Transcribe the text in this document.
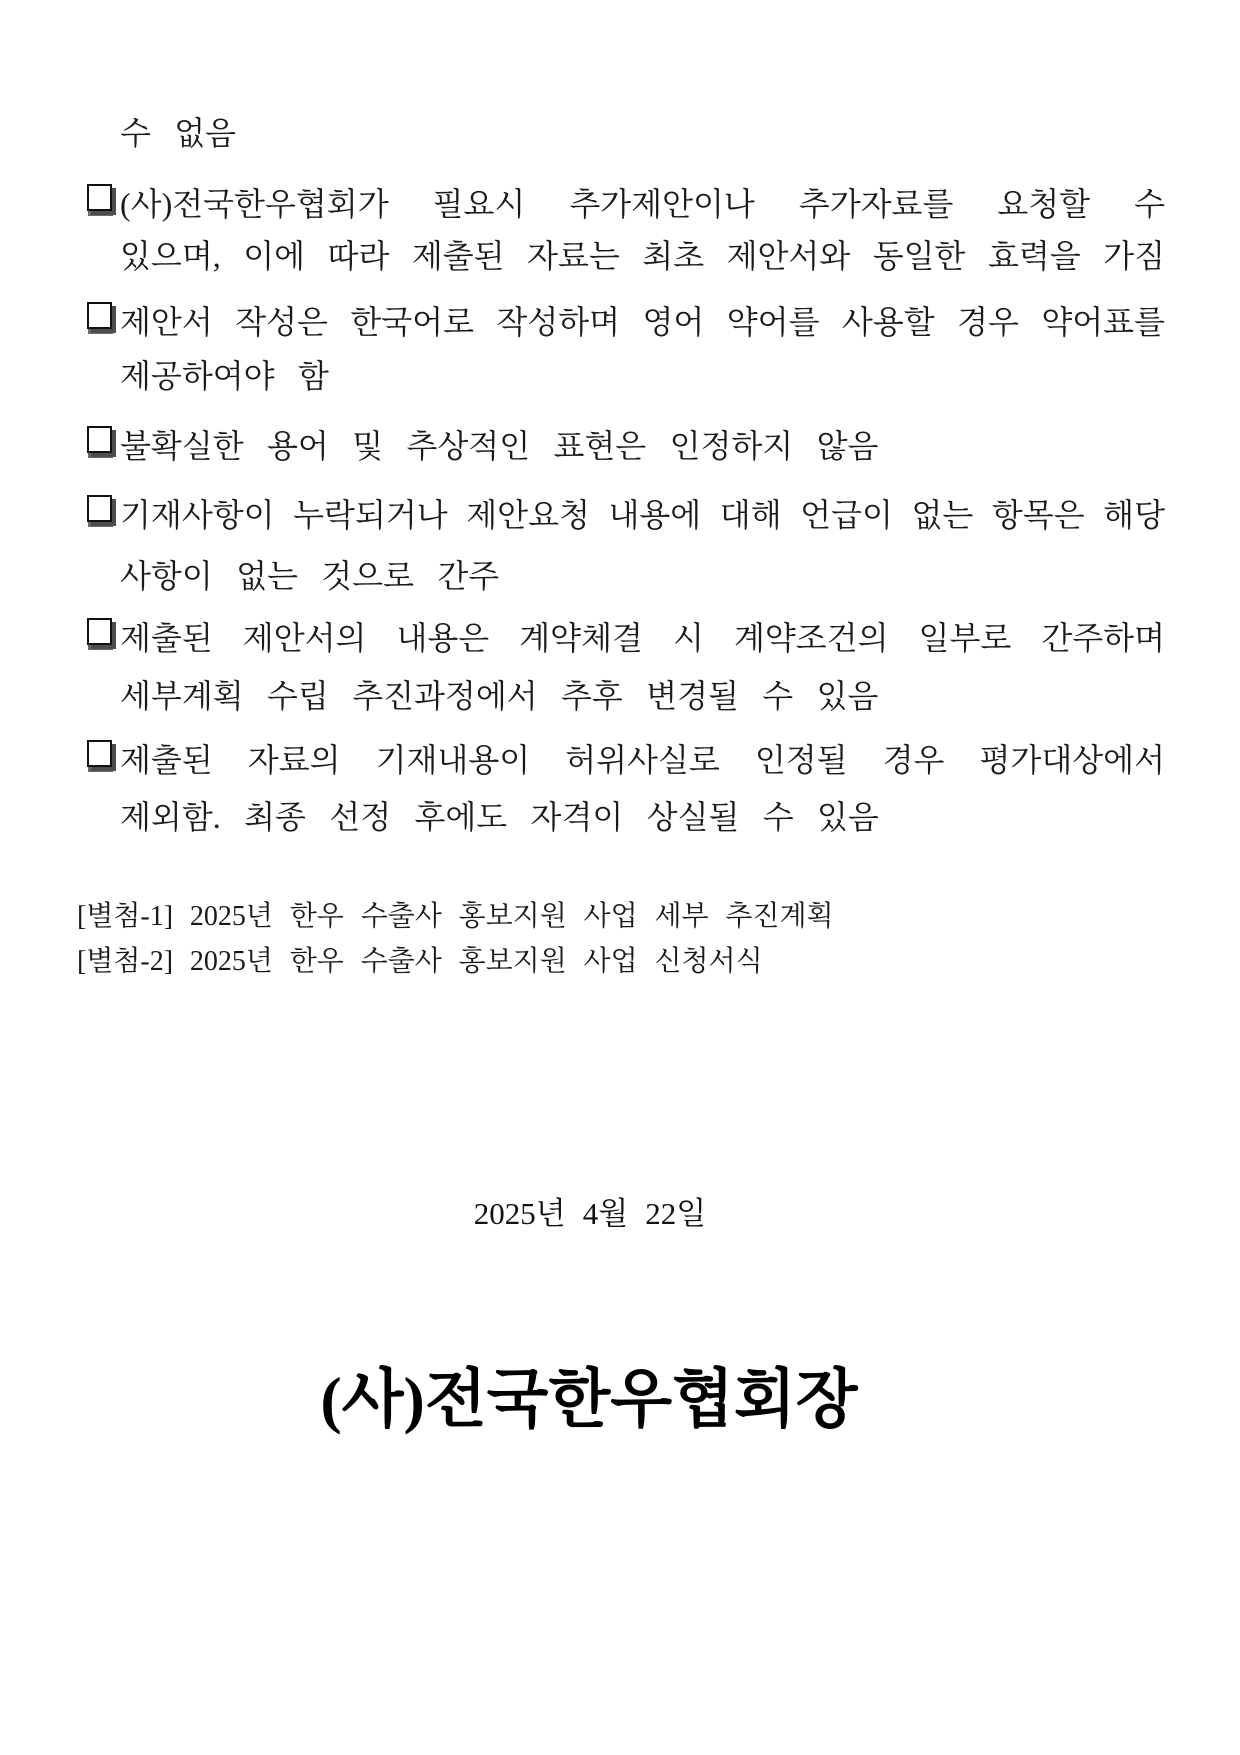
수 없음
(사)전국한우협회가 필요시 추가제안이나 추가자료를 요청할 수
있으며, 이에 따라 제출된 자료는 최초 제안서와 동일한 효력을 가짐
제안서 작성은 한국어로 작성하며 영어 약어를 사용할 경우 약어표를
제공하여야 함
불확실한 용어 및 추상적인 표현은 인정하지 않음
기재사항이 누락되거나 제안요청 내용에 대해 언급이 없는 항목은 해당
사항이 없는 것으로 간주
제출된 제안서의 내용은 계약체결 시 계약조건의 일부로 간주하며
세부계획 수립 추진과정에서 추후 변경될 수 있음
제출된 자료의 기재내용이 허위사실로 인정될 경우 평가대상에서
제외함. 최종 선정 후에도 자격이 상실될 수 있음
[별첨-1] 2025년 한우 수출사 홍보지원 사업 세부 추진계획
[별첨-2] 2025년 한우 수출사 홍보지원 사업 신청서식
2025년 4월 22일
(사)전국한우협회장
